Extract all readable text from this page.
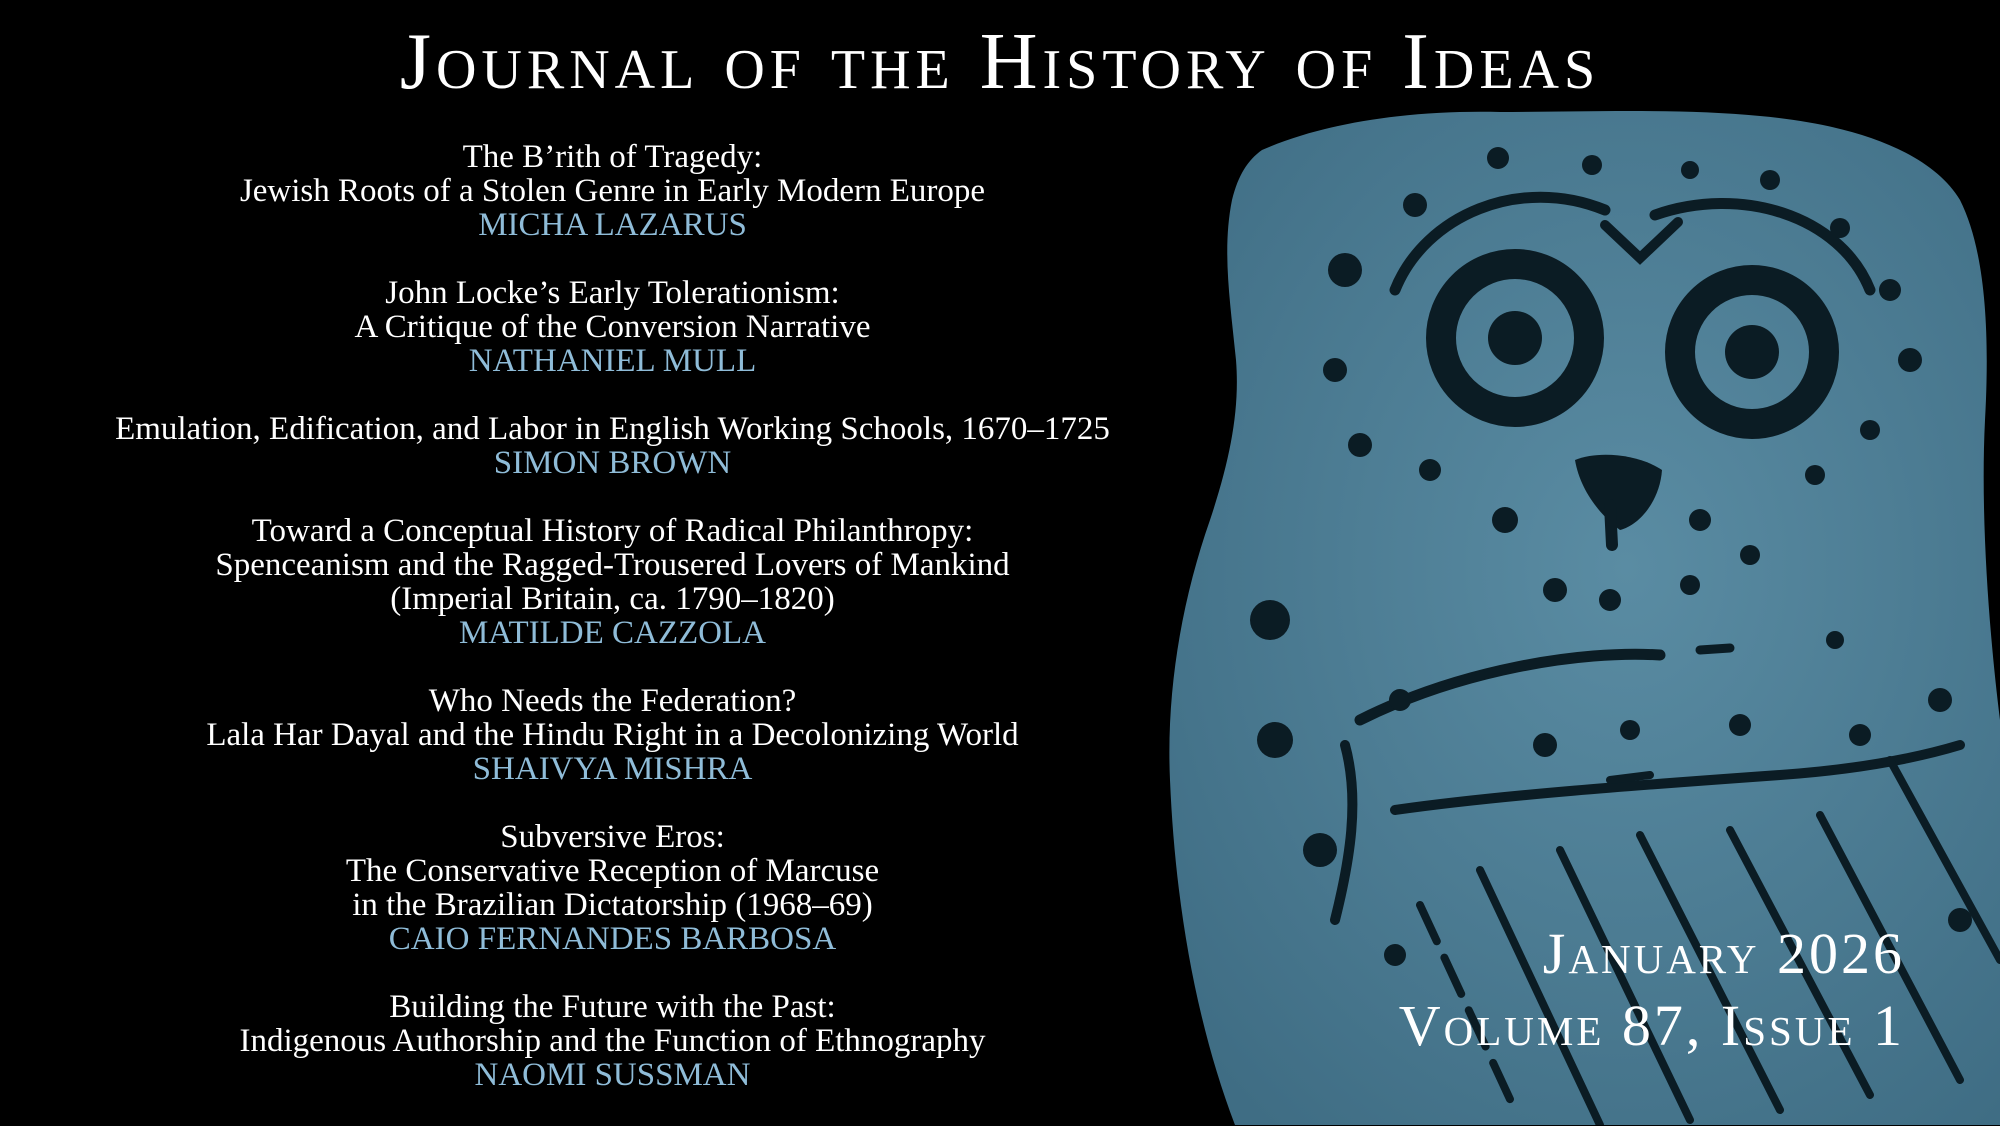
Journal of the History of Ideas
The B’rith of Tragedy:
Jewish Roots of a Stolen Genre in Early Modern Europe
MICHA LAZARUS
John Locke’s Early Tolerationism:
A Critique of the Conversion Narrative
NATHANIEL MULL
Emulation, Edification, and Labor in English Working Schools, 1670–1725
SIMON BROWN
Toward a Conceptual History of Radical Philanthropy:
Spenceanism and the Ragged-Trousered Lovers of Mankind
(Imperial Britain, ca. 1790–1820)
MATILDE CAZZOLA
Who Needs the Federation?
Lala Har Dayal and the Hindu Right in a Decolonizing World
SHAIVYA MISHRA
Subversive Eros:
The Conservative Reception of Marcuse
in the Brazilian Dictatorship (1968–69)
CAIO FERNANDES BARBOSA
Building the Future with the Past:
Indigenous Authorship and the Function of Ethnography
NAOMI SUSSMAN
January 2026
Volume 87, Issue 1
